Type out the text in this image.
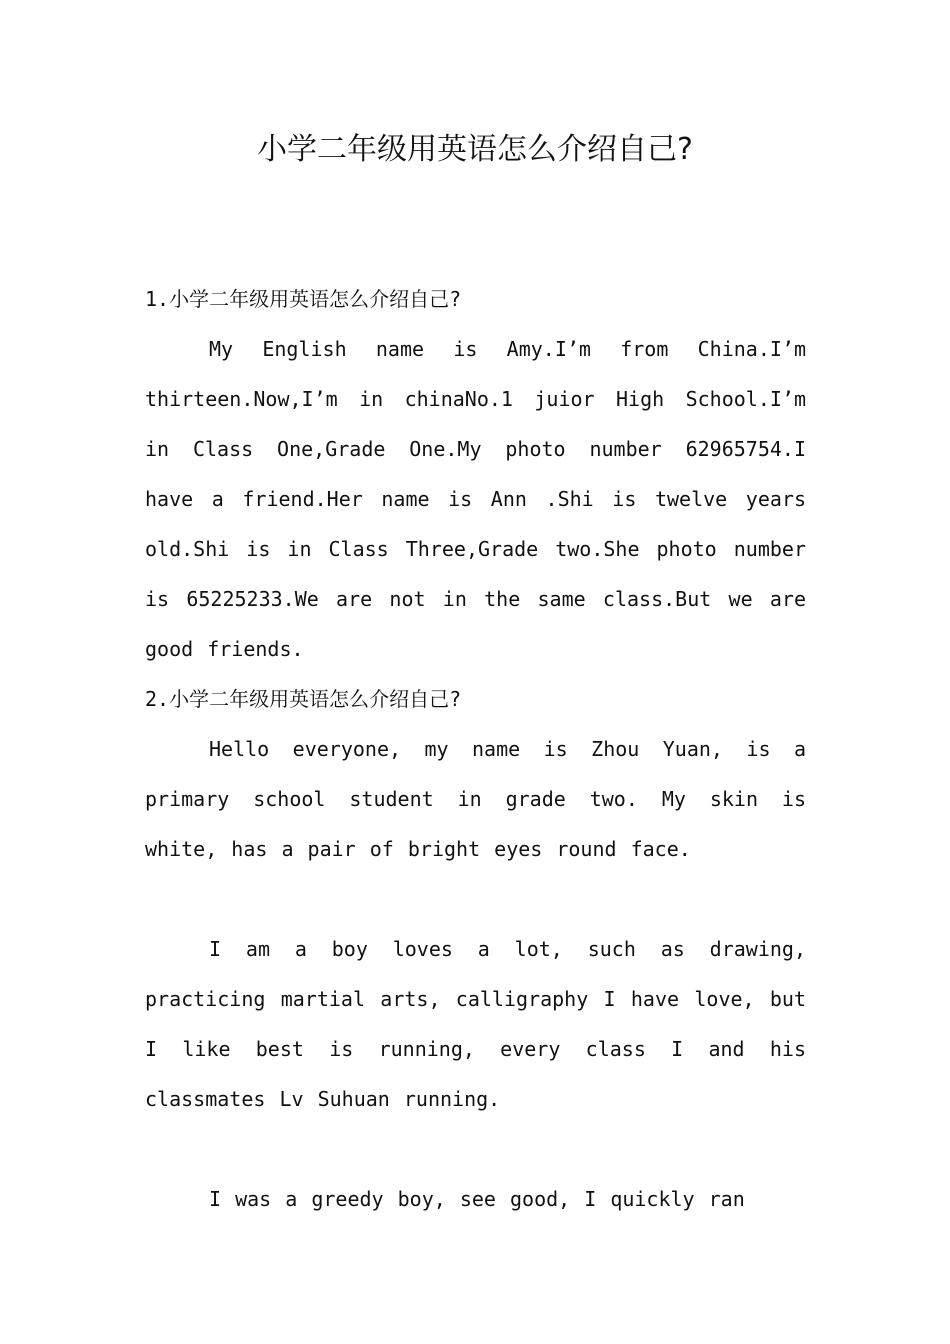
小学二年级用英语怎么介绍自己?

1.小学二年级用英语怎么介绍自己?

My English name is Amy.I’m from China.I’m thirteen.Now,I’m in chinaNo.1 juior High School.I’m in Class One,Grade One.My photo number 62965754.I have a friend.Her name is Ann .Shi is twelve years old.Shi is in Class Three,Grade two.She photo number is 65225233.We are not in the same class.But we are good friends.

2.小学二年级用英语怎么介绍自己?

Hello everyone, my name is Zhou Yuan, is a primary school student in grade two. My skin is white, has a pair of bright eyes round face.

I am a boy loves a lot, such as drawing, practicing martial arts, calligraphy I have love, but I like best is running, every class I and his classmates Lv Suhuan running.

I was a greedy boy, see good, I quickly ran
